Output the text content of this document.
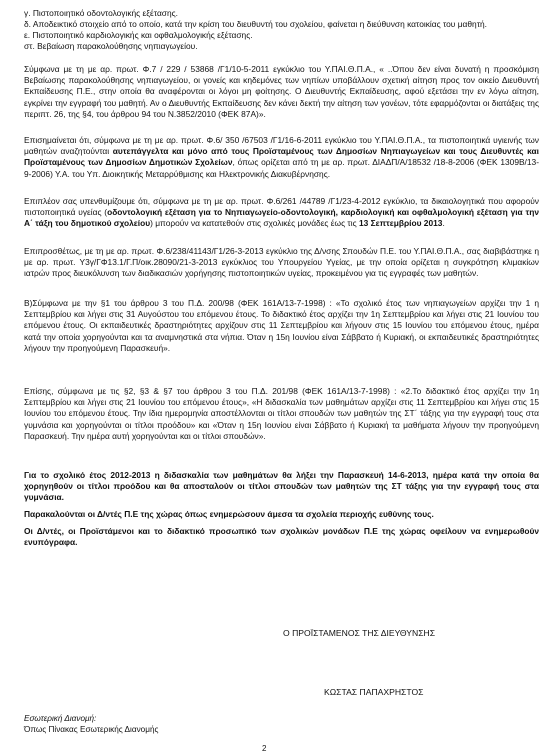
γ. Πιστοποιητικό οδοντολογικής εξέτασης.
δ. Αποδεικτικό στοιχείο από το οποίο, κατά την κρίση του διευθυντή του σχολείου, φαίνεται η διεύθυνση κατοικίας του μαθητή.
ε. Πιστοποιητικό καρδιολογικής και οφθαλμολογικής εξέτασης.
στ. Βεβαίωση παρακολούθησης νηπιαγωγείου.
Σύμφωνα με τη με αρ. πρωτ. Φ.7 / 229 / 53868 /Γ1/10-5-2011 εγκύκλιο του Υ.ΠΑΙ.Θ.Π.Α., « ..Όπου δεν είναι δυνατή η προσκόμιση Βεβαίωσης παρακολούθησης νηπιαγωγείου, οι γονείς και κηδεμόνες των νηπίων υποβάλλουν σχετική αίτηση προς τον οικείο Διευθυντή Εκπαίδευσης Π.Ε., στην οποία θα αναφέρονται οι λόγοι μη φοίτησης. Ο Διευθυντής Εκπαίδευσης, αφού εξετάσει την εν λόγω αίτηση, εγκρίνει την εγγραφή του μαθητή. Αν ο Διευθυντής Εκπαίδευσης δεν κάνει δεκτή την αίτηση των γονέων, τότε εφαρμόζονται οι διατάξεις της περιπτ. 26, της §4, του άρθρου 94 του Ν.3852/2010 (ΦΕΚ 87Α)».
Επισημαίνεται ότι, σύμφωνα με τη με αρ. πρωτ. Φ.6/ 350 /67503 /Γ1/16-6-2011 εγκύκλιο του Υ.ΠΑΙ.Θ.Π.Α., τα πιστοποιητικά υγιεινής των μαθητών αναζητούνται αυτεπάγγελτα και μόνο από τους Προϊσταμένους των Δημοσίων Νηπιαγωγείων και τους Διευθυντές και Προϊσταμένους των Δημοσίων Δημοτικών Σχολείων, όπως ορίζεται από τη με αρ. πρωτ. ΔΙΑΔΠ/Α/18532 /18-8-2006 (ΦΕΚ 1309Β/13-9-2006) Υ.Α. του Υπ. Διοικητικής Μεταρρύθμισης και Ηλεκτρονικής Διακυβέρνησης.
Επιπλέον σας υπενθυμίζουμε ότι, σύμφωνα με τη με αρ. πρωτ. Φ.6/261 /44789 /Γ1/23-4-2012 εγκύκλιο, τα δικαιολογητικά που αφορούν πιστοποιητικά υγείας (οδοντολογική εξέταση για το Νηπιαγωγείο-οδοντολογική, καρδιολογική και οφθαλμολογική εξέταση για την Α΄ τάξη του δημοτικού σχολείου) μπορούν να κατατεθούν στις σχολικές μονάδες έως τις 13 Σεπτεμβρίου 2013.
Επιπροσθέτως, με τη με αρ. πρωτ. Φ.6/238/41143/Γ1/26-3-2013 εγκύκλιο της Δ/νσης Σπουδών Π.Ε. του Υ.ΠΑΙ.Θ.Π.Α., σας διαβιβάστηκε η με αρ. πρωτ. Υ3γ/ΓΦ13.1/Γ.Π/οικ.28090/21-3-2013 εγκύκλιος του Υπουργείου Υγείας, με την οποία ορίζεται η συγκρότηση κλιμακίων ιατρών προς διευκόλυνση των διαδικασιών χορήγησης πιστοποιητικών υγείας, προκειμένου για τις εγγραφές των μαθητών.
Β)Σύμφωνα με την §1 του άρθρου 3 του Π.Δ. 200/98 (ΦΕΚ 161Α/13-7-1998) : «Το σχολικό έτος των νηπιαγωγείων αρχίζει την 1 η Σεπτεμβρίου και λήγει στις 31 Αυγούστου του επόμενου έτους. Το διδακτικό έτος αρχίζει την 1η Σεπτεμβρίου και λήγει στις 21 Ιουνίου του επόμενου έτους. Οι εκπαιδευτικές δραστηριότητες αρχίζουν στις 11 Σεπτεμβρίου και λήγουν στις 15 Ιουνίου του επόμενου έτους, ημέρα κατά την οποία χορηγούνται και τα αναμνηστικά στα νήπια. Όταν η 15η Ιουνίου είναι Σάββατο ή Κυριακή, οι εκπαιδευτικές δραστηριότητες λήγουν την προηγούμενη Παρασκευή».
Επίσης, σύμφωνα με τις §2, §3 & §7 του άρθρου 3 του Π.Δ. 201/98 (ΦΕΚ 161Α/13-7-1998) : «2.Το διδακτικό έτος αρχίζει την 1η Σεπτεμβρίου και λήγει στις 21 Ιουνίου του επόμενου έτους», «Η διδασκαλία των μαθημάτων αρχίζει στις 11 Σεπτεμβρίου και λήγει στις 15 Ιουνίου του επόμενου έτους. Την ίδια ημερομηνία αποστέλλονται οι τίτλοι σπουδών των μαθητών της ΣΤ΄ τάξης για την εγγραφή τους στα γυμνάσια και χορηγούνται οι τίτλοι προόδου» και «Όταν η 15η Ιουνίου είναι Σάββατο ή Κυριακή τα μαθήματα λήγουν την προηγούμενη Παρασκευή. Την ημέρα αυτή χορηγούνται και οι τίτλοι σπουδών».
Για το σχολικό έτος 2012-2013 η διδασκαλία των μαθημάτων θα λήξει την Παρασκευή 14-6-2013, ημέρα κατά την οποία θα χορηγηθούν οι τίτλοι προόδου και θα αποσταλούν οι τίτλοι σπουδών των μαθητών της ΣΤ τάξης για την εγγραφή τους στα γυμνάσια.
Παρακαλούνται οι Δ/ντές Π.Ε της χώρας όπως ενημερώσουν άμεσα τα σχολεία περιοχής ευθύνης τους.
Οι Δ/ντές, οι Προϊστάμενοι και το διδακτικό προσωπικό των σχολικών μονάδων Π.Ε της χώρας οφείλουν να ενημερωθούν ενυπόγραφα.
Ο ΠΡΟΪΣΤΑΜΕΝΟΣ ΤΗΣ ΔΙΕΥΘΥΝΣΗΣ
ΚΩΣΤΑΣ ΠΑΠΑΧΡΗΣΤΟΣ
Εσωτερική Διανομή:
Όπως Πίνακας Εσωτερικής Διανομής
2
